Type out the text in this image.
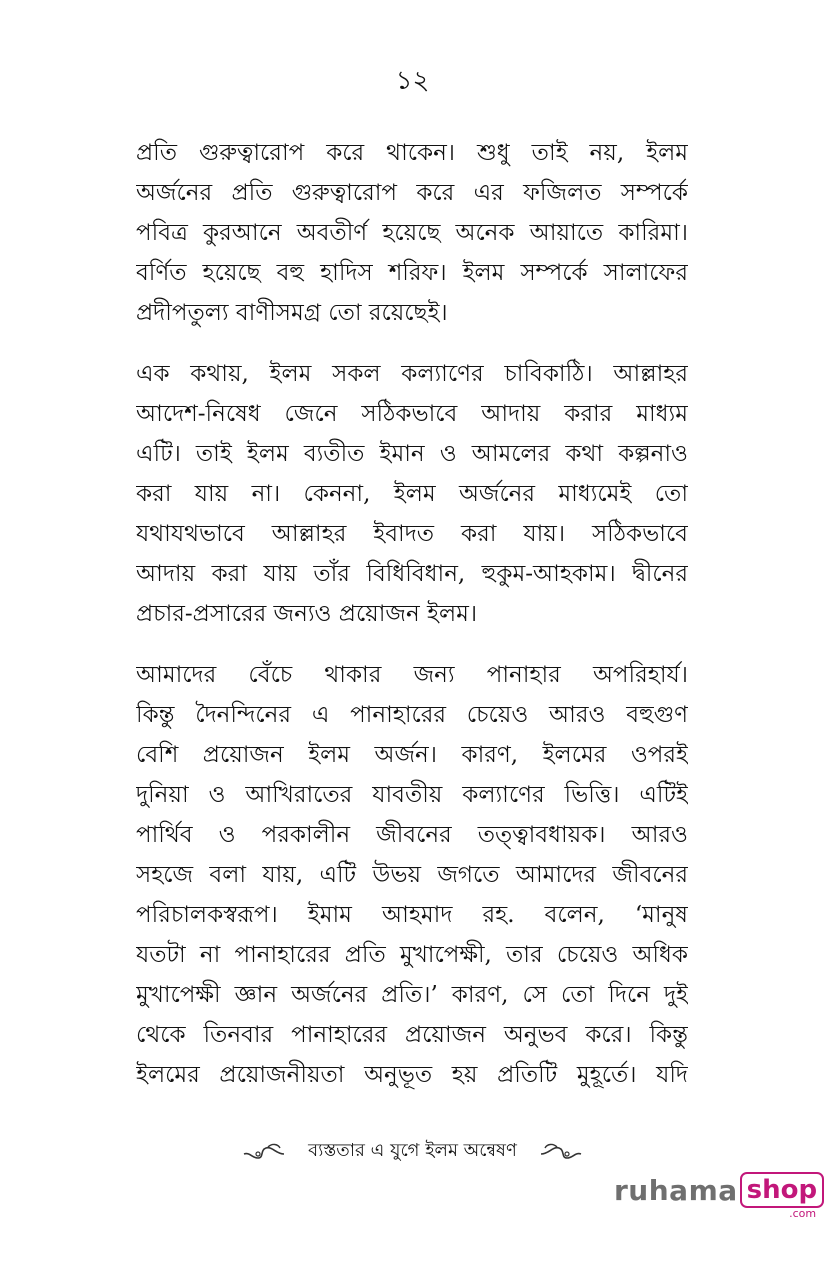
১২
প্রতি গুরুত্বারোপ করে থাকেন। শুধু তাই নয়, ইলম
অর্জনের প্রতি গুরুত্বারোপ করে এর ফজিলত সম্পর্কে
পবিত্র কুরআনে অবতীর্ণ হয়েছে অনেক আয়াতে কারিমা।
বর্ণিত হয়েছে বহু হাদিস শরিফ। ইলম সম্পর্কে সালাফের
প্রদীপতুল্য বাণীসমগ্র তো রয়েছেই।
এক কথায়, ইলম সকল কল্যাণের চাবিকাঠি। আল্লাহর
আদেশ-নিষেধ জেনে সঠিকভাবে আদায় করার মাধ্যম
এটি। তাই ইলম ব্যতীত ইমান ও আমলের কথা কল্পনাও
করা যায় না। কেননা, ইলম অর্জনের মাধ্যমেই তো
যথাযথভাবে আল্লাহর ইবাদত করা যায়। সঠিকভাবে
আদায় করা যায় তাঁর বিধিবিধান, হুকুম-আহকাম। দ্বীনের
প্রচার-প্রসারের জন্যও প্রয়োজন ইলম।
আমাদের বেঁচে থাকার জন্য পানাহার অপরিহার্য।
কিন্তু দৈনন্দিনের এ পানাহারের চেয়েও আরও বহুগুণ
বেশি প্রয়োজন ইলম অর্জন। কারণ, ইলমের ওপরই
দুনিয়া ও আখিরাতের যাবতীয় কল্যাণের ভিত্তি। এটিই
পার্থিব ও পরকালীন জীবনের তত্ত্বাবধায়ক। আরও
সহজে বলা যায়, এটি উভয় জগতে আমাদের জীবনের
পরিচালকস্বরূপ। ইমাম আহমাদ রহ. বলেন, ‘মানুষ
যতটা না পানাহারের প্রতি মুখাপেক্ষী, তার চেয়েও অধিক
মুখাপেক্ষী জ্ঞান অর্জনের প্রতি।’ কারণ, সে তো দিনে দুই
থেকে তিনবার পানাহারের প্রয়োজন অনুভব করে। কিন্তু
ইলমের প্রয়োজনীয়তা অনুভূত হয় প্রতিটি মুহূর্তে। যদি
ব্যস্ততার এ যুগে ইলম অন্বেষণ
ruhama shop
.com
